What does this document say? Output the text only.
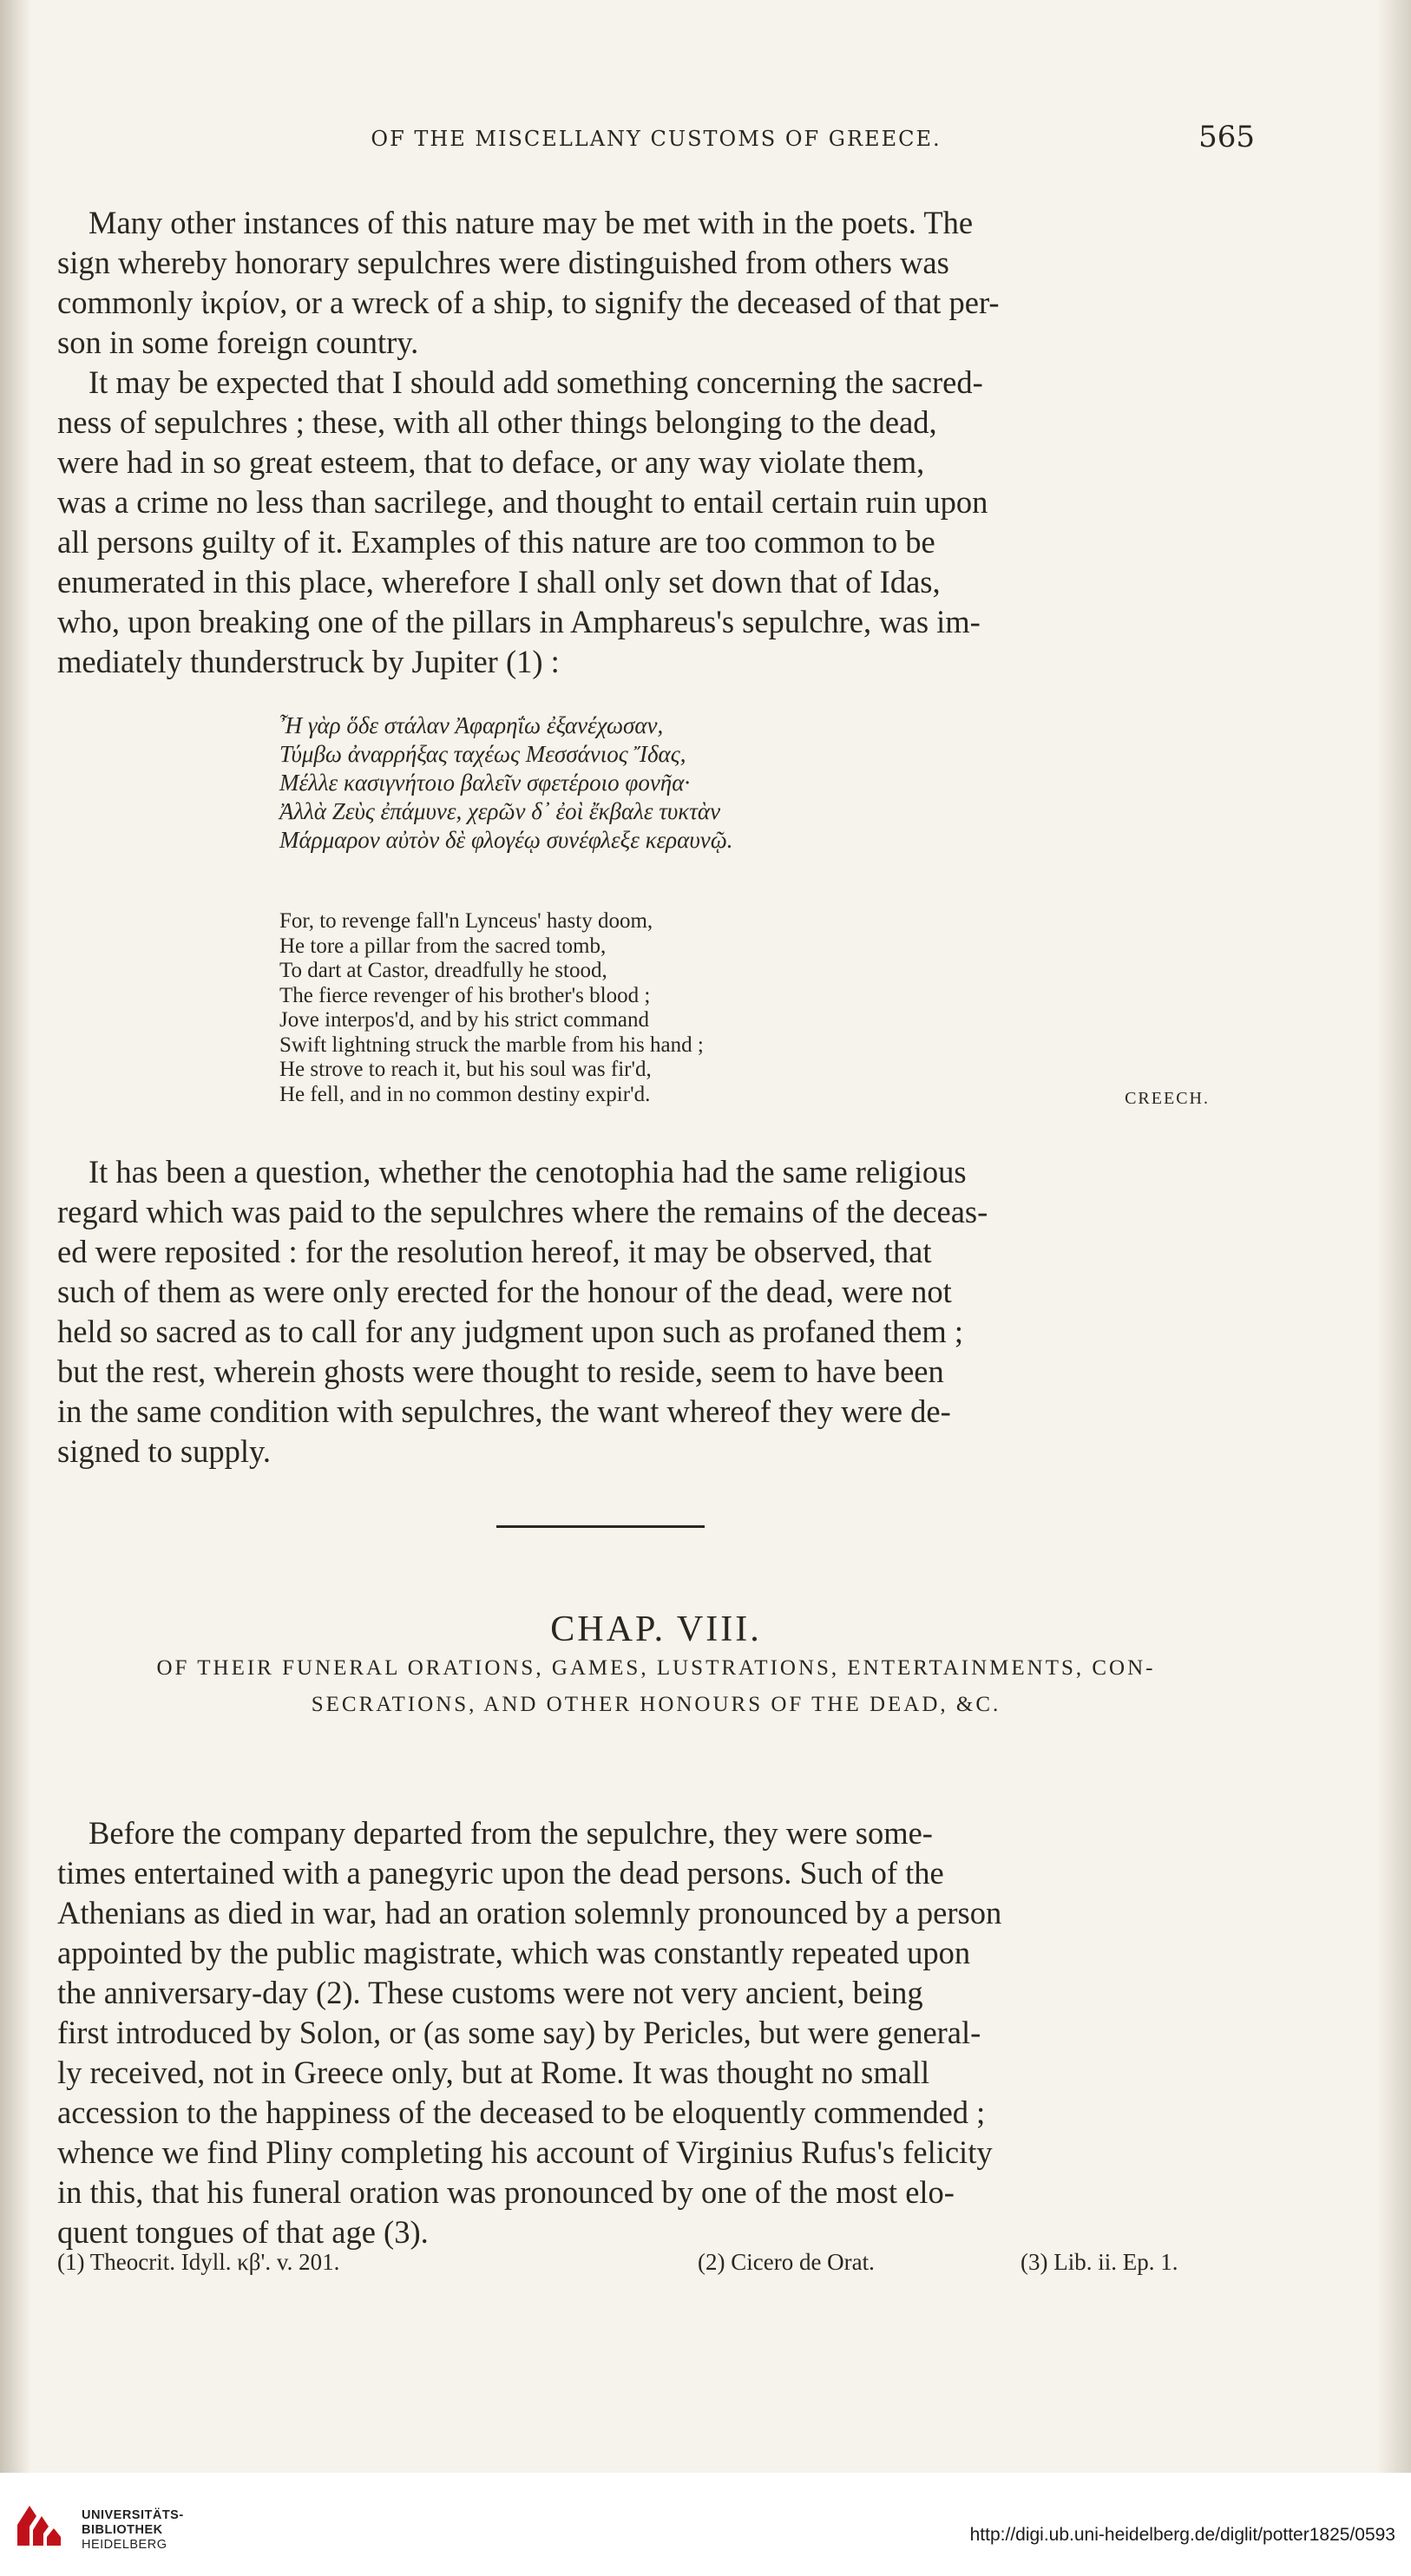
OF THE MISCELLANY CUSTOMS OF GREECE.	565
Many other instances of this nature may be met with in the poets. The
sign whereby honorary sepulchres were distinguished from others was
commonly ἰκρίον, or a wreck of a ship, to signify the deceased of that per-
son in some foreign country.
It may be expected that I should add something concerning the sacred-
ness of sepulchres ; these, with all other things belonging to the dead,
were had in so great esteem, that to deface, or any way violate them,
was a crime no less than sacrilege, and thought to entail certain ruin upon
all persons guilty of it. Examples of this nature are too common to be
enumerated in this place, wherefore I shall only set down that of Idas,
who, upon breaking one of the pillars in Amphareus's sepulchre, was im-
mediately thunderstruck by Jupiter (1) :
Ἦ γὰρ ὅδε στάλαν Ἀφαρηΐω ἐξανέχωσαν,
Τύμβω ἀναρρήξας ταχέως Μεσσάνιος Ἴδας,
Μέλλε κασιγνήτοιο βαλεῖν σφετέροιο φονῆα·
Ἀλλὰ Ζεὺς ἐπάμυνε, χερῶν δ᾽ ἐοὶ ἔκβαλε τυκτὰν
Μάρμαρον αὐτὸν δὲ φλογέῳ συνέφλεξε κεραυνῷ.
For, to revenge fall'n Lynceus' hasty doom,
He tore a pillar from the sacred tomb,
To dart at Castor, dreadfully he stood,
The fierce revenger of his brother's blood ;
Jove interpos'd, and by his strict command
Swift lightning struck the marble from his hand ;
He strove to reach it, but his soul was fir'd,
He fell, and in no common destiny expir'd.	CREECH.
It has been a question, whether the cenotophia had the same religious
regard which was paid to the sepulchres where the remains of the deceas-
ed were reposited : for the resolution hereof, it may be observed, that
such of them as were only erected for the honour of the dead, were not
held so sacred as to call for any judgment upon such as profaned them ;
but the rest, wherein ghosts were thought to reside, seem to have been
in the same condition with sepulchres, the want whereof they were de-
signed to supply.
CHAP. VIII.
OF THEIR FUNERAL ORATIONS, GAMES, LUSTRATIONS, ENTERTAINMENTS, CON-
SECRATIONS, AND OTHER HONOURS OF THE DEAD, &C.
Before the company departed from the sepulchre, they were some-
times entertained with a panegyric upon the dead persons. Such of the
Athenians as died in war, had an oration solemnly pronounced by a person
appointed by the public magistrate, which was constantly repeated upon
the anniversary-day (2). These customs were not very ancient, being
first introduced by Solon, or (as some say) by Pericles, but were general-
ly received, not in Greece only, but at Rome. It was thought no small
accession to the happiness of the deceased to be eloquently commended ;
whence we find Pliny completing his account of Virginius Rufus's felicity
in this, that his funeral oration was pronounced by one of the most elo-
quent tongues of that age (3).
(1) Theocrit. Idyll. κβ'. v. 201.	(2) Cicero de Orat.	(3) Lib. ii. Ep. 1.
UNIVERSITÄTS-
BIBLIOTHEK
HEIDELBERG	http://digi.ub.uni-heidelberg.de/diglit/potter1825/0593
